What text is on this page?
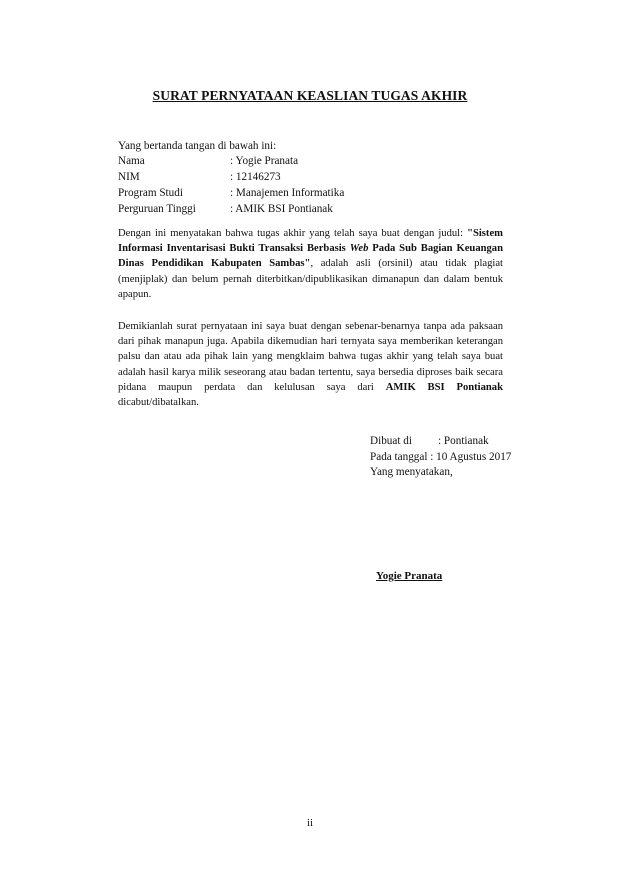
SURAT PERNYATAAN KEASLIAN TUGAS AKHIR
Yang bertanda tangan di bawah ini:
Nama	: Yogie Pranata
NIM	: 12146273
Program Studi	: Manajemen Informatika
Perguruan Tinggi	: AMIK BSI Pontianak
Dengan ini menyatakan bahwa tugas akhir yang telah saya buat dengan judul: "Sistem Informasi Inventarisasi Bukti Transaksi Berbasis Web Pada Sub Bagian Keuangan Dinas Pendidikan Kabupaten Sambas", adalah asli (orsinil) atau tidak plagiat (menjiplak) dan belum pernah diterbitkan/dipublikasikan dimanapun dan dalam bentuk apapun.
Demikianlah surat pernyataan ini saya buat dengan sebenar-benarnya tanpa ada paksaan dari pihak manapun juga. Apabila dikemudian hari ternyata saya memberikan keterangan palsu dan atau ada pihak lain yang mengklaim bahwa tugas akhir yang telah saya buat adalah hasil karya milik seseorang atau badan tertentu, saya bersedia diproses baik secara pidana maupun perdata dan kelulusan saya dari AMIK BSI Pontianak dicabut/dibatalkan.
Dibuat di	: Pontianak
Pada tanggal : 10 Agustus 2017
Yang menyatakan,
Yogie Pranata
ii
